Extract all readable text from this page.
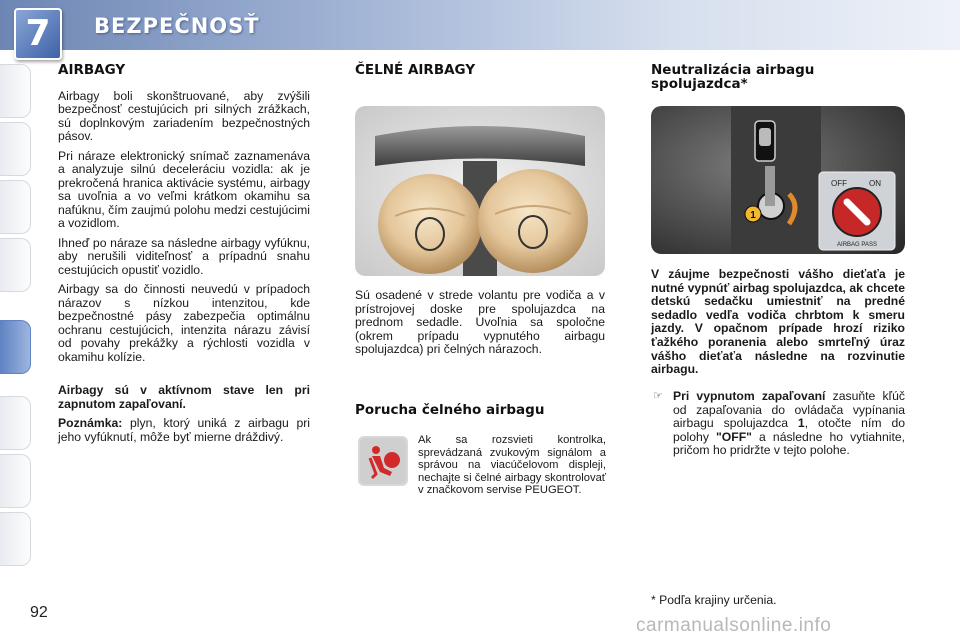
7	BEZPEČNOSŤ
AIRBAGY

Airbagy boli skonštruované, aby zvýšili bezpečnosť cestujúcich pri silných zrážkach, sú doplnkovým zariadením bezpečnostných pásov.

Pri náraze elektronický snímač zaznamenáva a analyzuje silnú deceleráciu vozidla: ak je prekročená hranica aktivácie systému, airbagy sa uvoľnia a vo veľmi krátkom okamihu sa nafúknu, čím zaujmú polohu medzi cestujúcimi a vozidlom.

Ihneď po náraze sa následne airbagy vyfúknu, aby nerušili viditeľnosť a prípadnú snahu cestujúcich opustiť vozidlo.

Airbagy sa do činnosti neuvedú v prípadoch nárazov s nízkou intenzitou, kde bezpečnostné pásy zabezpečia optimálnu ochranu cestujúcich, intenzita nárazu závisí od povahy prekážky a rýchlosti vozidla v okamihu kolízie.

Airbagy sú v aktívnom stave len pri zapnutom zapaľovaní.

Poznámka: plyn, ktorý uniká z airbagu pri jeho vyfúknutí, môže byť mierne dráždivý.

ČELNÉ AIRBAGY
Sú osadené v strede volantu pre vodiča a v prístrojovej doske pre spolujazdca na prednom sedadle. Uvoľnia sa spoločne (okrem prípadu vypnutého airbagu spolujazdca) pri čelných nárazoch.
Porucha čelného airbagu
Ak sa rozsvieti kontrolka, sprevádzaná zvukovým signálom a správou na viacúčelovom displeji, nechajte si čelné airbagy skontrolovať v značkovom servise PEUGEOT.
Neutralizácia airbagu spolujazdca*
1
OFF	ON
AIRBAG PASS
V záujme bezpečnosti vášho dieťaťa je nutné vypnúť airbag spolujazdca, ak chcete detskú sedačku umiestniť na predné sedadlo vedľa vodiča chrbtom k smeru jazdy. V opačnom prípade hrozí riziko ťažkého poranenia alebo smrteľný úraz vášho dieťaťa následne na rozvinutie airbagu.
☞ Pri vypnutom zapaľovaní zasuňte kľúč od zapaľovania do ovládača vypínania airbagu spolujazdca 1, otočte ním do polohy "OFF" a následne ho vytiahnite, pričom ho pridržte v tejto polohe.
* Podľa krajiny určenia.
92
carmanualsonline.info
